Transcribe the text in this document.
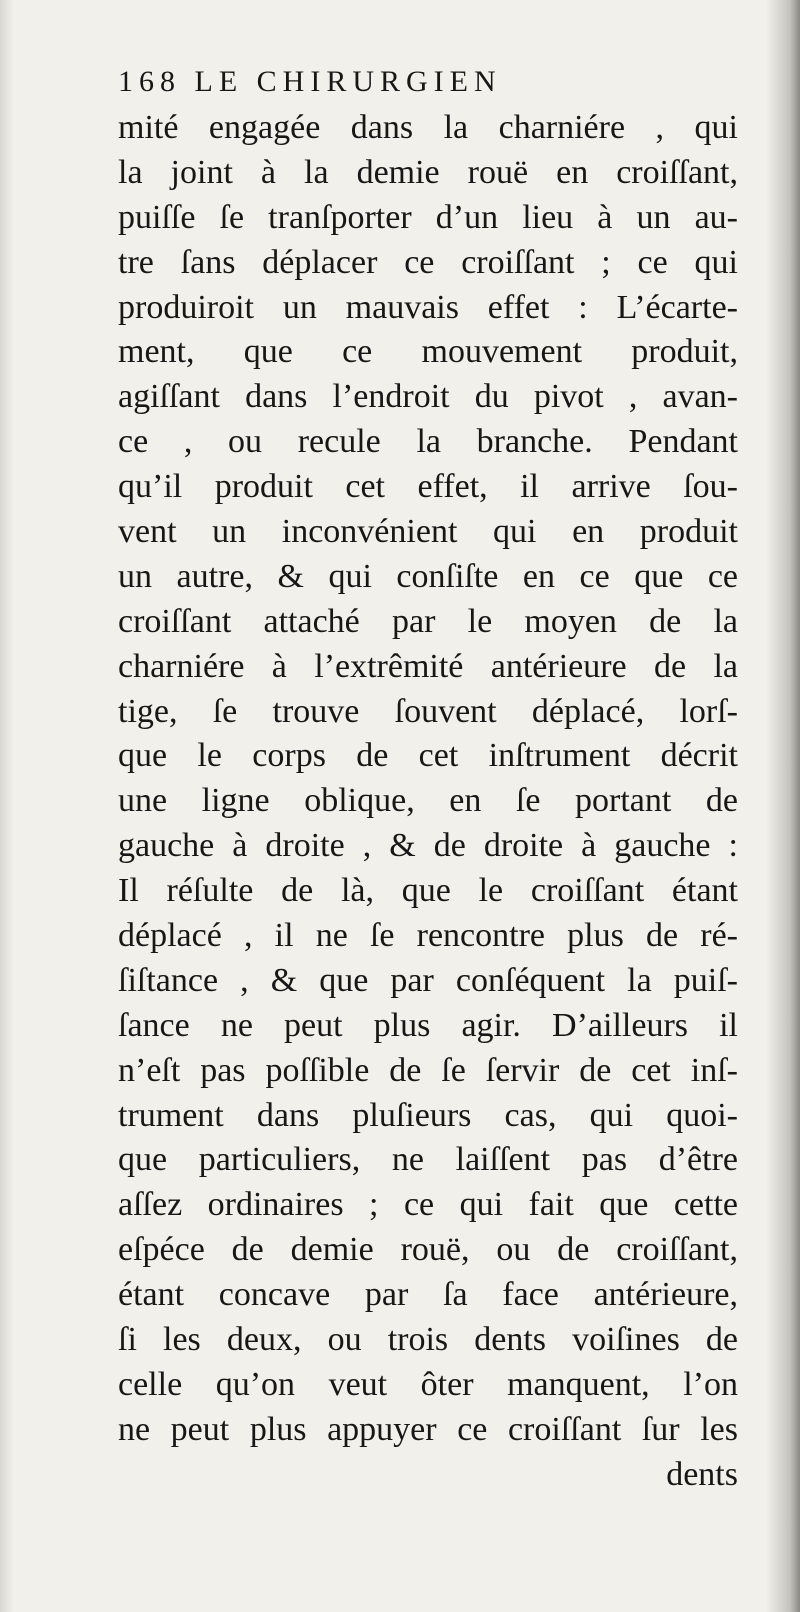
168 LE CHIRURGIEN
mité engagée dans la charniére , qui
la joint à la demie rouë en croiſſant,
puiſſe ſe tranſporter d’un lieu à un au-
tre ſans déplacer ce croiſſant ; ce qui
produiroit un mauvais effet : L’écarte-
ment, que ce mouvement produit,
agiſſant dans l’endroit du pivot , avan-
ce , ou recule la branche. Pendant
qu’il produit cet effet, il arrive ſou-
vent un inconvénient qui en produit
un autre, & qui conſiſte en ce que ce
croiſſant attaché par le moyen de la
charniére à l’extrêmité antérieure de la
tige, ſe trouve ſouvent déplacé, lorſ-
que le corps de cet inſtrument décrit
une ligne oblique, en ſe portant de
gauche à droite , & de droite à gauche :
Il réſulte de là, que le croiſſant étant
déplacé , il ne ſe rencontre plus de ré-
ſiſtance , & que par conſéquent la puiſ-
ſance ne peut plus agir. D’ailleurs il
n’eſt pas poſſible de ſe ſervir de cet inſ-
trument dans pluſieurs cas, qui quoi-
que particuliers, ne laiſſent pas d’être
aſſez ordinaires ; ce qui fait que cette
eſpéce de demie rouë, ou de croiſſant,
étant concave par ſa face antérieure,
ſi les deux, ou trois dents voiſines de
celle qu’on veut ôter manquent, l’on
ne peut plus appuyer ce croiſſant ſur les
dents
